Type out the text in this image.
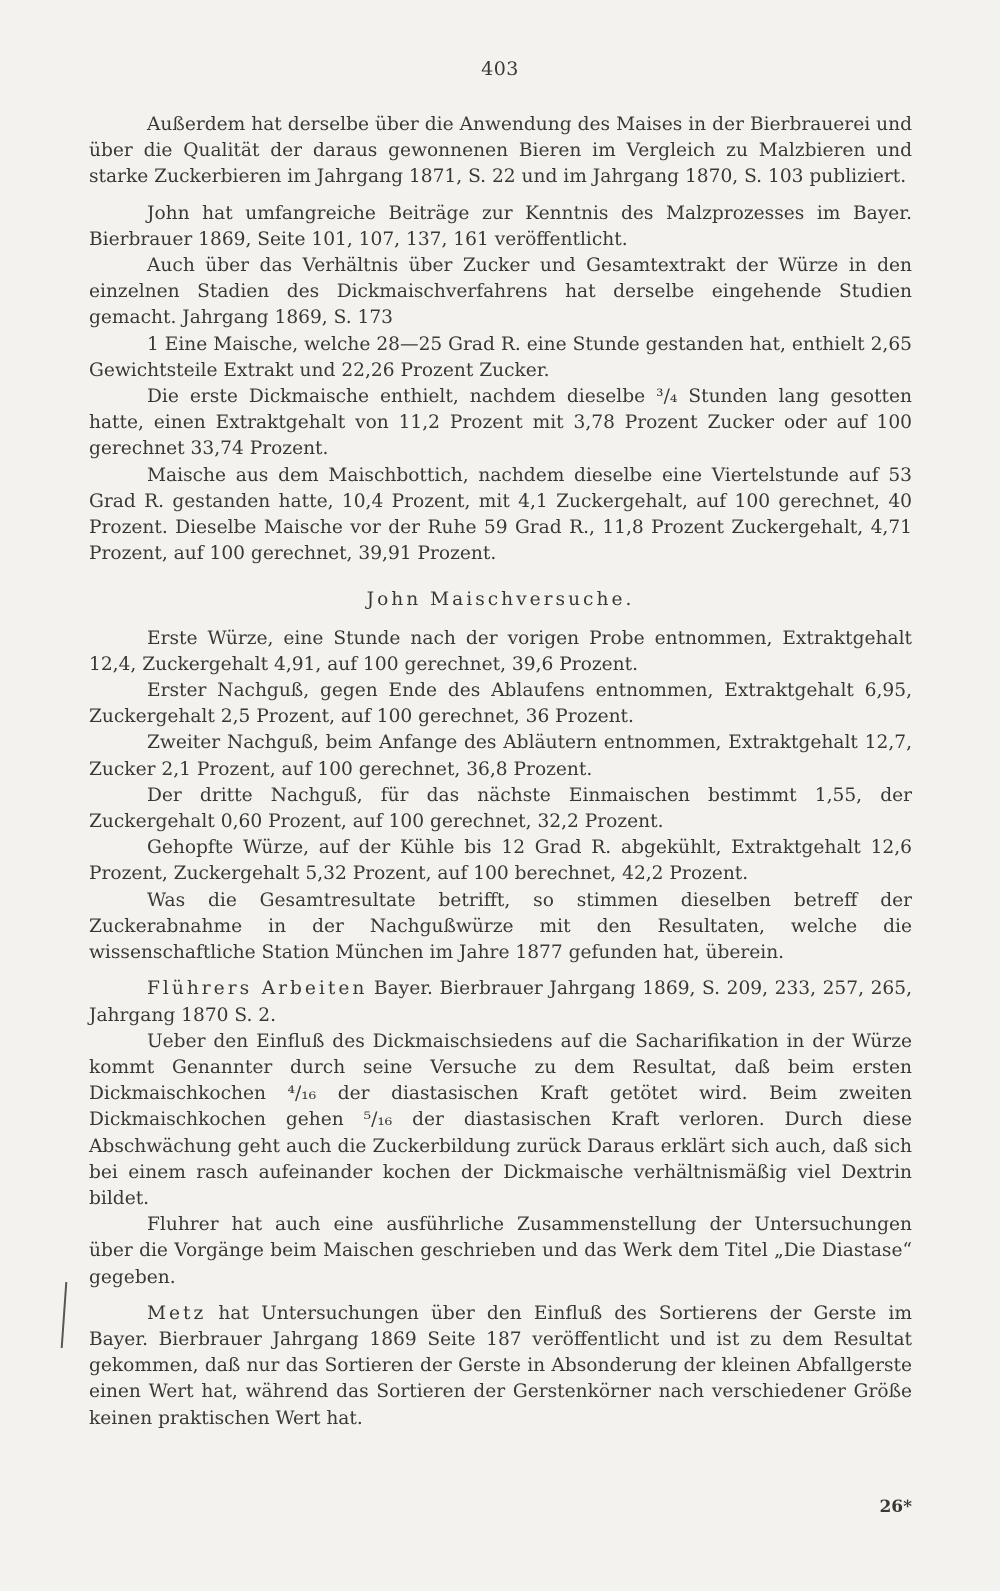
403

Außerdem hat derselbe über die Anwendung des Maises in der Bierbrauerei und über die Qualität der daraus gewonnenen Bieren im Vergleich zu Malzbieren und starke Zuckerbieren im Jahrgang 1871, S. 22 und im Jahrgang 1870, S. 103 publiziert.

John hat umfangreiche Beiträge zur Kenntnis des Malzprozesses im Bayer. Bierbrauer 1869, Seite 101, 107, 137, 161 veröffentlicht.

Auch über das Verhältnis über Zucker und Gesamtextrakt der Würze in den einzelnen Stadien des Dickmaischverfahrens hat derselbe eingehende Studien gemacht. Jahrgang 1869, S. 173

1 Eine Maische, welche 28—25 Grad R. eine Stunde gestanden hat, enthielt 2,65 Gewichtsteile Extrakt und 22,26 Prozent Zucker.

Die erste Dickmaische enthielt, nachdem dieselbe ³/₄ Stunden lang gesotten hatte, einen Extraktgehalt von 11,2 Prozent mit 3,78 Prozent Zucker oder auf 100 gerechnet 33,74 Prozent.

Maische aus dem Maischbottich, nachdem dieselbe eine Viertelstunde auf 53 Grad R. gestanden hatte, 10,4 Prozent, mit 4,1 Zuckergehalt, auf 100 gerechnet, 40 Prozent. Dieselbe Maische vor der Ruhe 59 Grad R., 11,8 Prozent Zuckergehalt, 4,71 Prozent, auf 100 gerechnet, 39,91 Prozent.

John Maischversuche.

Erste Würze, eine Stunde nach der vorigen Probe entnommen, Extraktgehalt 12,4, Zuckergehalt 4,91, auf 100 gerechnet, 39,6 Prozent.

Erster Nachguß, gegen Ende des Ablaufens entnommen, Extraktgehalt 6,95, Zuckergehalt 2,5 Prozent, auf 100 gerechnet, 36 Prozent.

Zweiter Nachguß, beim Anfange des Abläutern entnommen, Extraktgehalt 12,7, Zucker 2,1 Prozent, auf 100 gerechnet, 36,8 Prozent.

Der dritte Nachguß, für das nächste Einmaischen bestimmt 1,55, der Zuckergehalt 0,60 Prozent, auf 100 gerechnet, 32,2 Prozent.

Gehopfte Würze, auf der Kühle bis 12 Grad R. abgekühlt, Extraktgehalt 12,6 Prozent, Zuckergehalt 5,32 Prozent, auf 100 berechnet, 42,2 Prozent.

Was die Gesamtresultate betrifft, so stimmen dieselben betreff der Zuckerabnahme in der Nachgußwürze mit den Resultaten, welche die wissenschaftliche Station München im Jahre 1877 gefunden hat, überein.

Flührers Arbeiten Bayer. Bierbrauer Jahrgang 1869, S. 209, 233, 257, 265, Jahrgang 1870 S. 2.

Ueber den Einfluß des Dickmaischsiedens auf die Sacharifikation in der Würze kommt Genannter durch seine Versuche zu dem Resultat, daß beim ersten Dickmaischkochen ⁴/₁₆ der diastasischen Kraft getötet wird. Beim zweiten Dickmaischkochen gehen ⁵/₁₆ der diastasischen Kraft verloren. Durch diese Abschwächung geht auch die Zuckerbildung zurück Daraus erklärt sich auch, daß sich bei einem rasch aufeinander kochen der Dickmaische verhältnismäßig viel Dextrin bildet.

Fluhrer hat auch eine ausführliche Zusammenstellung der Untersuchungen über die Vorgänge beim Maischen geschrieben und das Werk dem Titel „Die Diastase“ gegeben.

Metz hat Untersuchungen über den Einfluß des Sortierens der Gerste im Bayer. Bierbrauer Jahrgang 1869 Seite 187 veröffentlicht und ist zu dem Resultat gekommen, daß nur das Sortieren der Gerste in Absonderung der kleinen Abfallgerste einen Wert hat, während das Sortieren der Gerstenkörner nach verschiedener Größe keinen praktischen Wert hat.

26*
